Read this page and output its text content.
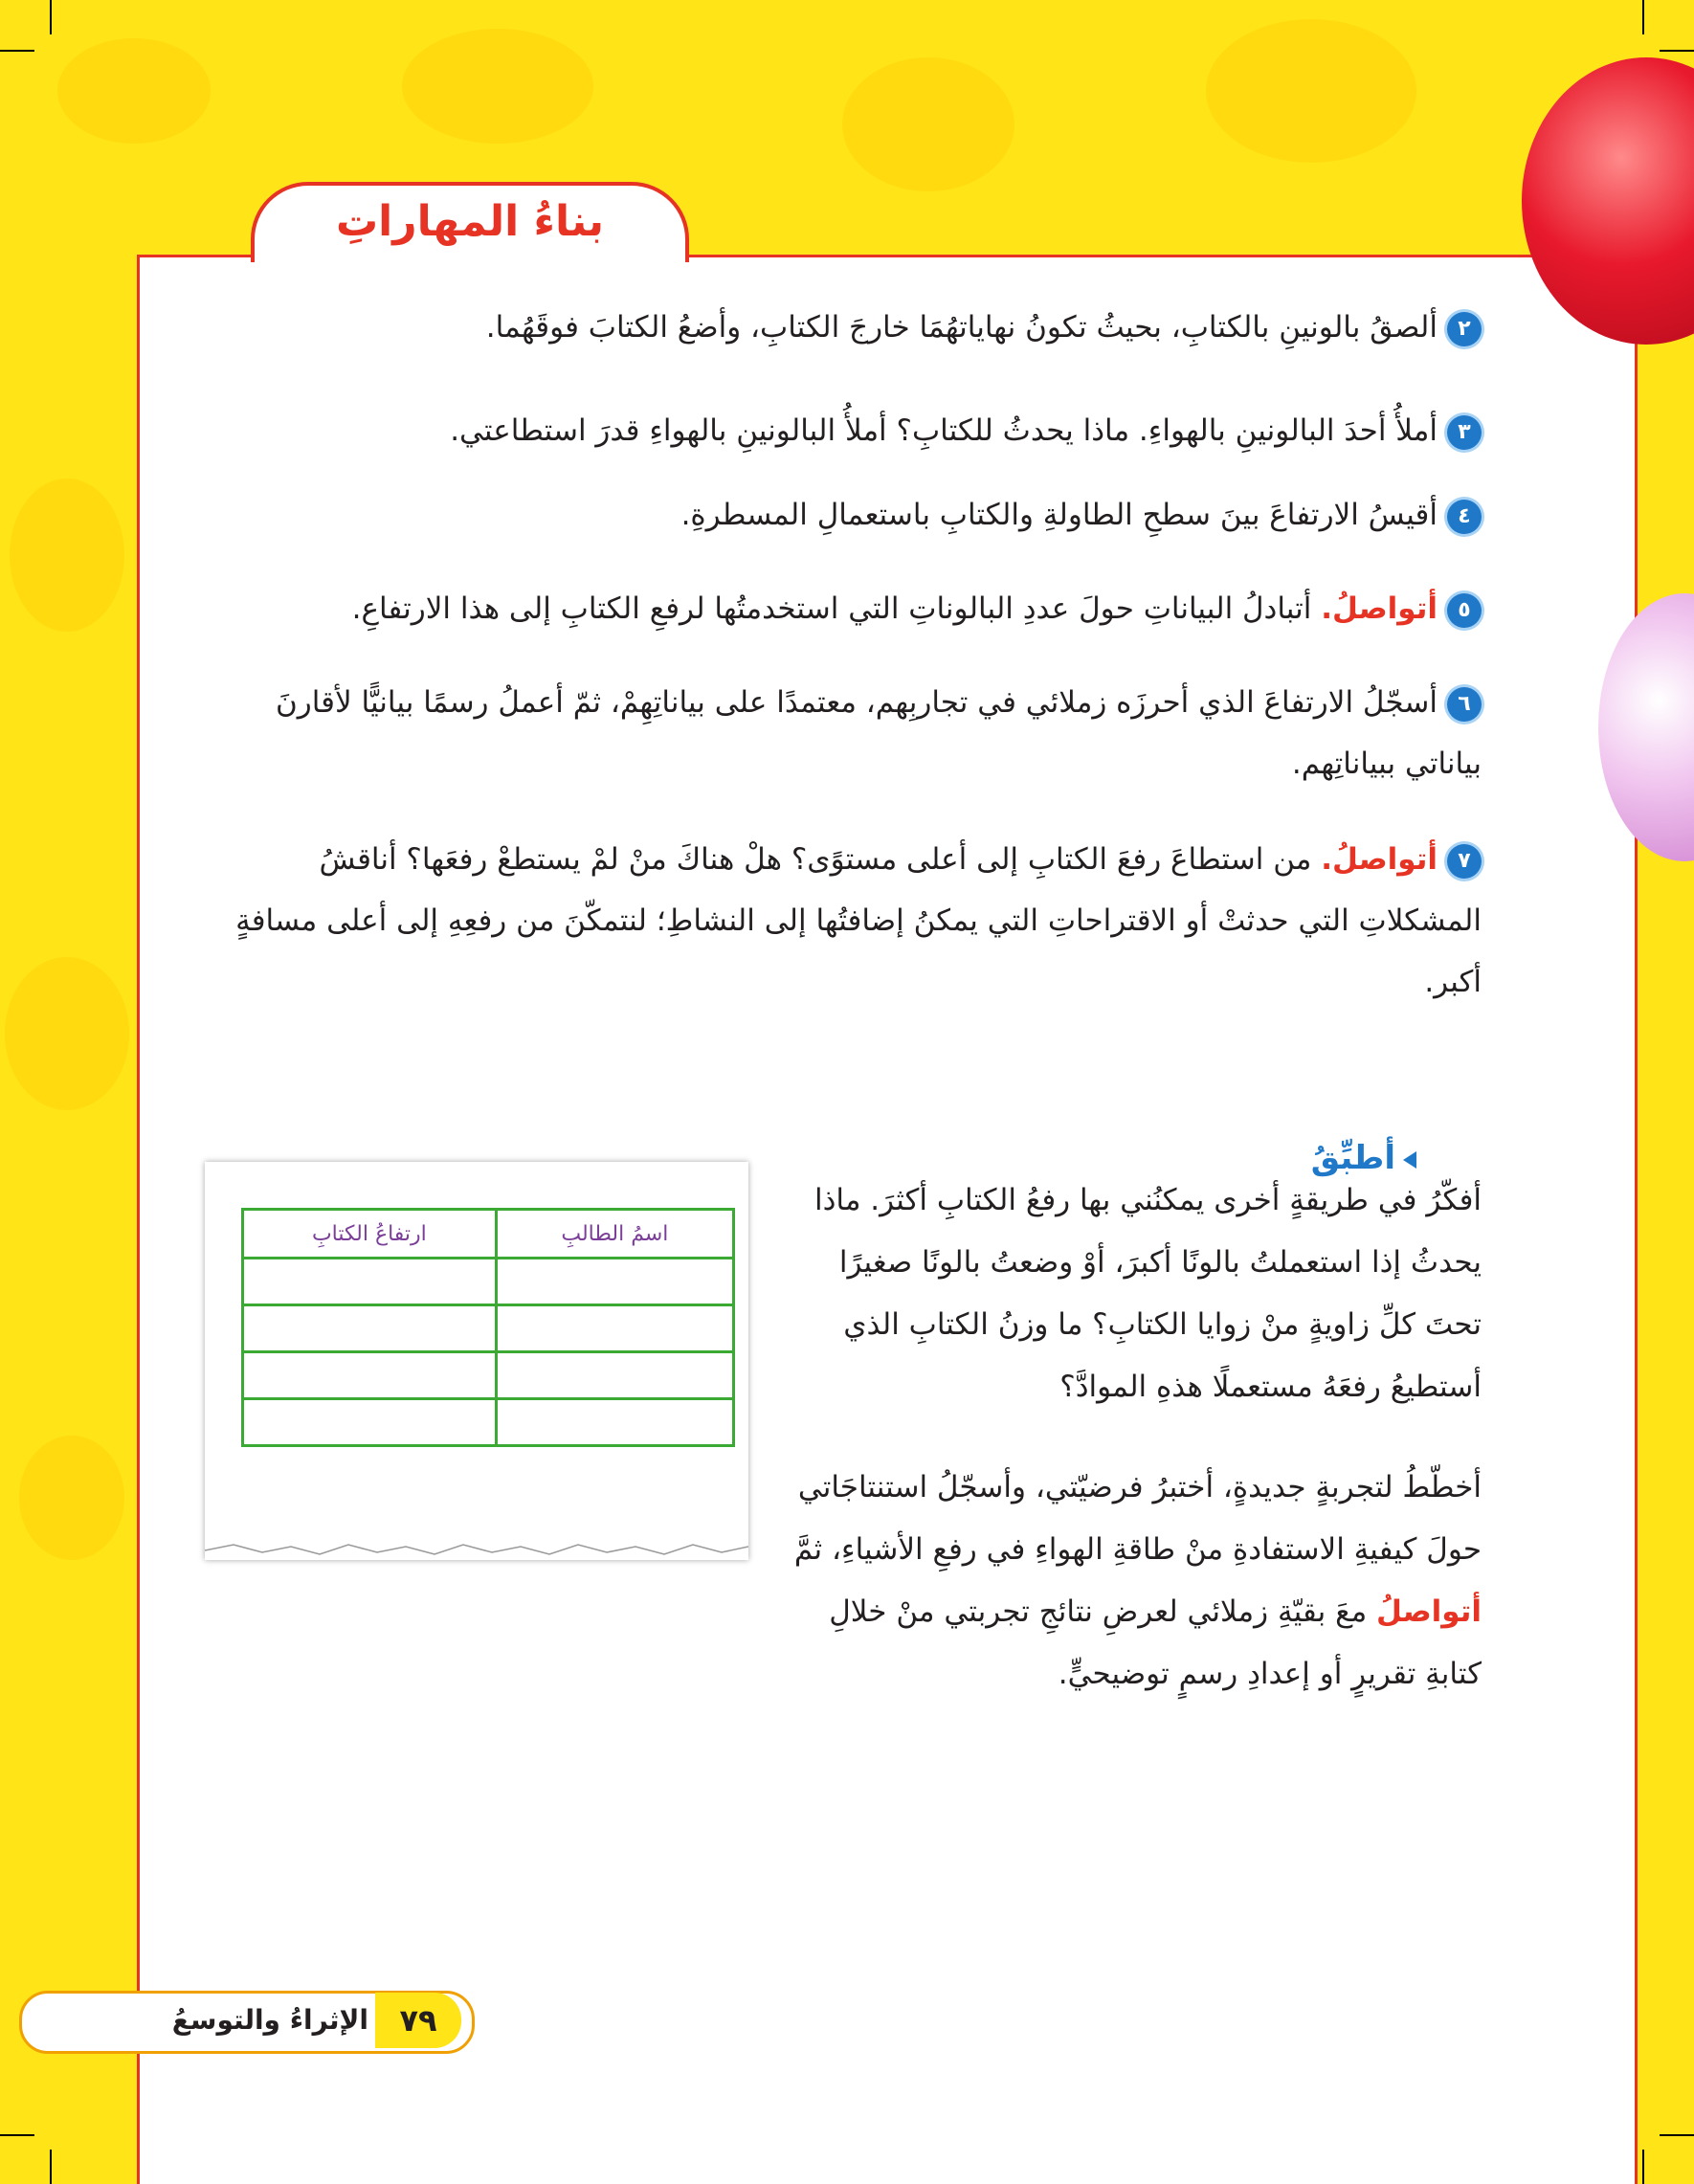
بناءُ المهاراتِ
٢ألصقُ بالونينِ بالكتابِ، بحيثُ تكونُ نهاياتهُمَا خارجَ الكتابِ، وأضعُ الكتابَ فوقَهُما.
٣أملأُ أحدَ البالونينِ بالهواءِ. ماذا يحدثُ للكتابِ؟ أملأُ البالونينِ بالهواءِ قدرَ استطاعتي.
٤أقيسُ الارتفاعَ بينَ سطحِ الطاولةِ والكتابِ باستعمالِ المسطرةِ.
٥أتواصلُ. أتبادلُ البياناتِ حولَ عددِ البالوناتِ التي استخدمتُها لرفعِ الكتابِ إلى هذا الارتفاعِ.
٦أسجّلُ الارتفاعَ الذي أحرزَه زملائي في تجاربِهم، معتمدًا على بياناتِهِمْ، ثمّ أعملُ رسمًا بيانيًّا لأقارنَ بياناتي ببياناتِهم.
٧أتواصلُ. من استطاعَ رفعَ الكتابِ إلى أعلى مستوًى؟ هلْ هناكَ منْ لمْ يستطعْ رفعَها؟ أناقشُ المشكلاتِ التي حدثتْ أو الاقتراحاتِ التي يمكنُ إضافتُها إلى النشاطِ؛ لنتمكّنَ من رفعِهِ إلى أعلى مسافةٍ أكبر.
أطبِّقُ
أفكّرُ في طريقةٍ أخرى يمكنُني بها رفعُ الكتابِ أكثرَ. ماذا يحدثُ إذا استعملتُ بالونًا أكبرَ، أوْ وضعتُ بالونًا صغيرًا تحتَ كلِّ زاويةٍ منْ زوايا الكتابِ؟ ما وزنُ الكتابِ الذي أستطيعُ رفعَهُ مستعملًا هذهِ الموادَّ؟
أخطّطُ لتجربةٍ جديدةٍ، أختبرُ فرضيّتي، وأسجّلُ استنتاجَاتي حولَ كيفيةِ الاستفادةِ منْ طاقةِ الهواءِ في رفعِ الأشياءِ، ثمَّ أتواصلُ معَ بقيّةِ زملائي لعرضِ نتائجِ تجربتي منْ خلالِ كتابةِ تقريرٍ أو إعدادِ رسمٍ توضيحيٍّ.
ارتفاعُ الكتابِ	اسمُ الطالبِ

الإثراءُ والتوسعُ	٧٩
